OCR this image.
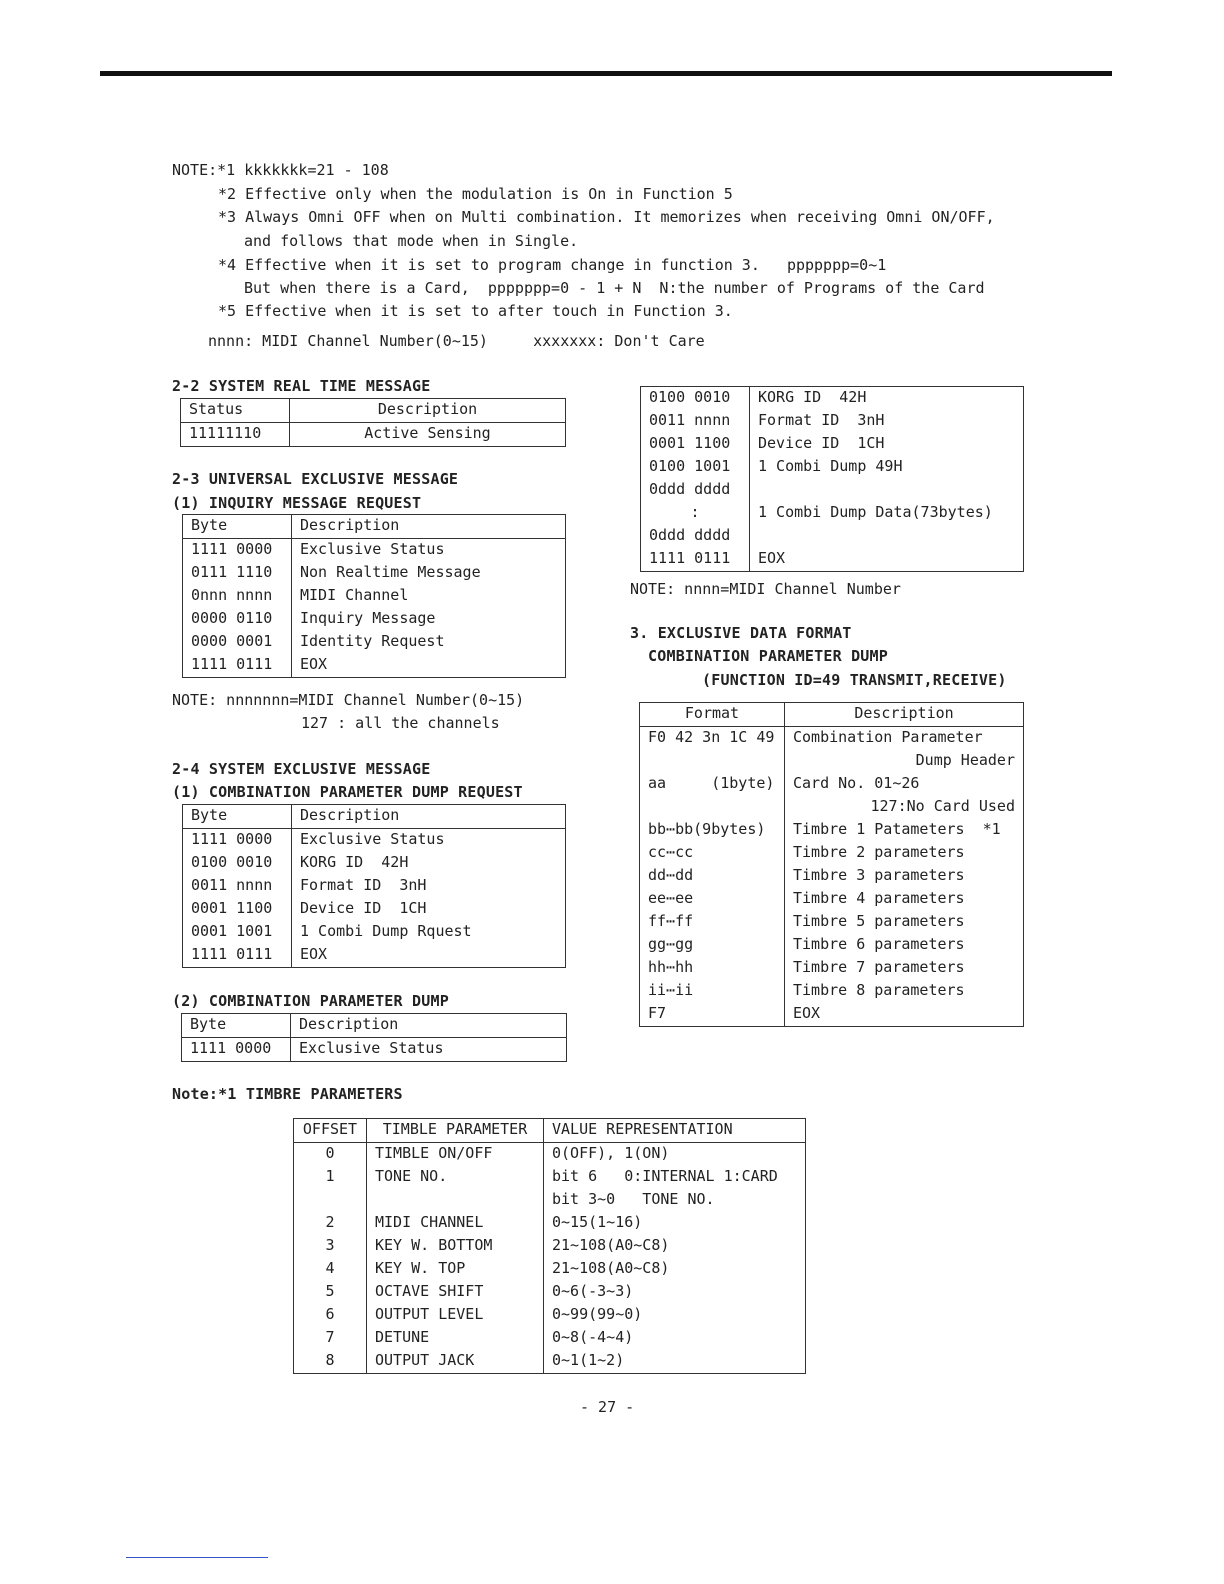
NOTE:*1 kkkkkkk=21 - 108
*2 Effective only when the modulation is On in Function 5
*3 Always Omni OFF when on Multi combination. It memorizes when receiving Omni ON/OFF,
and follows that mode when in Single.
*4 Effective when it is set to program change in function 3.   ppppppp=0~1
But when there is a Card,  ppppppp=0 - 1 + N  N:the number of Programs of the Card
*5 Effective when it is set to after touch in Function 3.
nnnn: MIDI Channel Number(0~15)     xxxxxxx: Don't Care
2-2 SYSTEM REAL TIME MESSAGE
Status	Description
11111110	Active Sensing
2-3 UNIVERSAL EXCLUSIVE MESSAGE
(1) INQUIRY MESSAGE REQUEST
Byte	Description
1111 0000	Exclusive Status
0111 1110	Non Realtime Message
0nnn nnnn	MIDI Channel
0000 0110	Inquiry Message
0000 0001	Identity Request
1111 0111	EOX
NOTE: nnnnnnn=MIDI Channel Number(0~15)
127 : all the channels
2-4 SYSTEM EXCLUSIVE MESSAGE
(1) COMBINATION PARAMETER DUMP REQUEST
Byte	Description
1111 0000	Exclusive Status
0100 0010	KORG ID  42H
0011 nnnn	Format ID  3nH
0001 1100	Device ID  1CH
0001 1001	1 Combi Dump Rquest
1111 0111	EOX
(2) COMBINATION PARAMETER DUMP
Byte	Description
1111 0000	Exclusive Status
0100 0010	KORG ID  42H
0011 nnnn	Format ID  3nH
0001 1100	Device ID  1CH
0100 1001	1 Combi Dump 49H
0ddd dddd	
:	1 Combi Dump Data(73bytes)
0ddd dddd	
1111 0111	EOX
NOTE: nnnn=MIDI Channel Number
3. EXCLUSIVE DATA FORMAT
COMBINATION PARAMETER DUMP
(FUNCTION ID=49 TRANSMIT,RECEIVE)
Format	Description
F0 42 3n 1C 49	Combination Parameter
	Dump Header
aa     (1byte)	Card No. 01~26
	127:No Card Used
bb⋯bb(9bytes)	Timbre 1 Patameters  *1
cc⋯cc	Timbre 2 parameters
dd⋯dd	Timbre 3 parameters
ee⋯ee	Timbre 4 parameters
ff⋯ff	Timbre 5 parameters
gg⋯gg	Timbre 6 parameters
hh⋯hh	Timbre 7 parameters
ii⋯ii	Timbre 8 parameters
F7	EOX
Note:*1 TIMBRE PARAMETERS
OFFSET	TIMBLE PARAMETER	VALUE REPRESENTATION
0	TIMBLE ON/OFF	0(OFF), 1(ON)
1	TONE NO.	bit 6   0:INTERNAL 1:CARD
		bit 3~0   TONE NO.
2	MIDI CHANNEL	0~15(1~16)
3	KEY W. BOTTOM	21~108(A0~C8)
4	KEY W. TOP	21~108(A0~C8)
5	OCTAVE SHIFT	0~6(-3~3)
6	OUTPUT LEVEL	0~99(99~0)
7	DETUNE	0~8(-4~4)
8	OUTPUT JACK	0~1(1~2)
- 27 -
